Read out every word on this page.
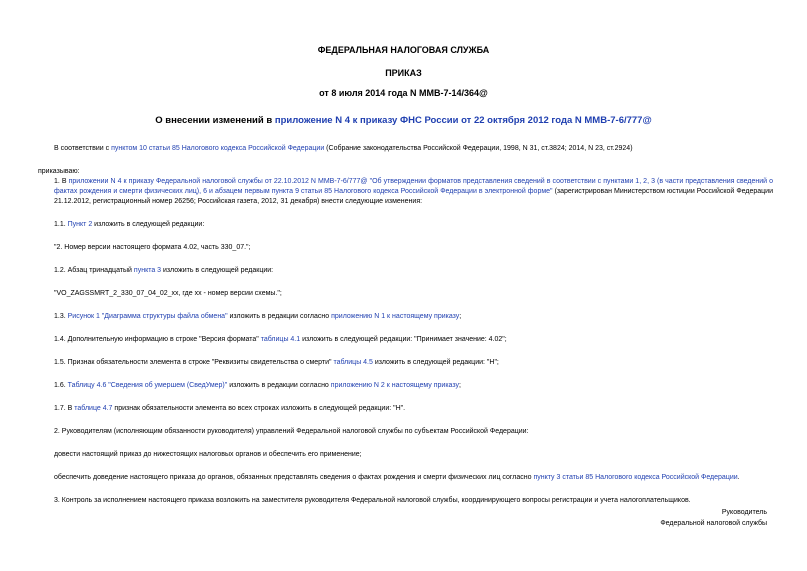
ФЕДЕРАЛЬНАЯ НАЛОГОВАЯ СЛУЖБА
ПРИКАЗ
от 8 июля 2014 года N ММВ-7-14/364@
О внесении изменений в приложение N 4 к приказу ФНС России от 22 октября 2012 года N ММВ-7-6/777@

В соответствии с пунктом 10 статьи 85 Налогового кодекса Российской Федерации (Собрание законодательства Российской Федерации, 1998, N 31, ст.3824; 2014, N 23, ст.2924)

приказываю:

1. В приложении N 4 к приказу Федеральной налоговой службы от 22.10.2012 N ММВ-7-6/777@ "Об утверждении форматов представления сведений в соответствии с пунктами 1, 2, 3 (в части представления сведений о фактах рождения и смерти физических лиц), 6 и абзацем первым пункта 9 статьи 85 Налогового кодекса Российской Федерации в электронной форме" (зарегистрирован Министерством юстиции Российской Федерации 21.12.2012, регистрационный номер 26256; Российская газета, 2012, 31 декабря) внести следующие изменения:

1.1. Пункт 2 изложить в следующей редакции:

"2. Номер версии настоящего формата 4.02, часть 330_07.";

1.2. Абзац тринадцатый пункта 3 изложить в следующей редакции:

"VO_ZAGSSMRT_2_330_07_04_02_xx, где xx - номер версии схемы.";

1.3. Рисунок 1 "Диаграмма структуры файла обмена" изложить в редакции согласно приложению N 1 к настоящему приказу;

1.4. Дополнительную информацию в строке "Версия формата" таблицы 4.1 изложить в следующей редакции: "Принимает значение: 4.02";

1.5. Признак обязательности элемента в строке "Реквизиты свидетельства о смерти" таблицы 4.5 изложить в следующей редакции: "Н";

1.6. Таблицу 4.6 "Сведения об умершем (СведУмер)" изложить в редакции согласно приложению N 2 к настоящему приказу;

1.7. В таблице 4.7 признак обязательности элемента во всех строках изложить в следующей редакции: "Н".

2. Руководителям (исполняющим обязанности руководителя) управлений Федеральной налоговой службы по субъектам Российской Федерации:

довести настоящий приказ до нижестоящих налоговых органов и обеспечить его применение;

обеспечить доведение настоящего приказа до органов, обязанных представлять сведения о фактах рождения и смерти физических лиц согласно пункту 3 статьи 85 Налогового кодекса Российской Федерации.

3. Контроль за исполнением настоящего приказа возложить на заместителя руководителя Федеральной налоговой службы, координирующего вопросы регистрации и учета налогоплательщиков.

Руководитель
Федеральной налоговой службы
